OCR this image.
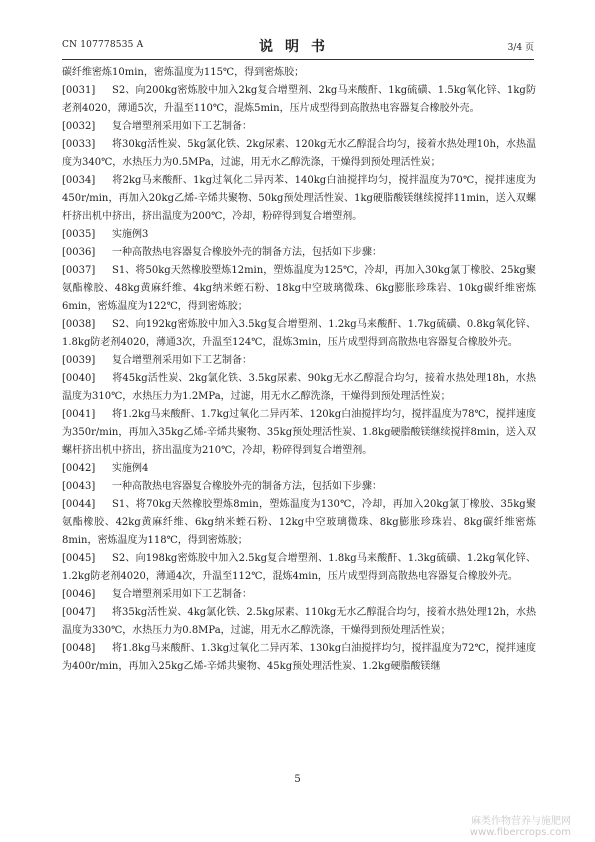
CN 107778535 A	说明书	3/4 页

碳纤维密炼10min，密炼温度为115℃，得到密炼胶；

[0031] S2、向200kg密炼胶中加入2kg复合增塑剂、2kg马来酸酐、1kg硫磺、1.5kg氧化锌、1kg防老剂4020，薄通5次，升温至110℃，混炼5min，压片成型得到高散热电容器复合橡胶外壳。

[0032] 复合增塑剂采用如下工艺制备：

[0033] 将30kg活性炭、5kg氯化铁、2kg尿素、120kg无水乙醇混合均匀，接着水热处理10h，水热温度为340℃，水热压力为0.5MPa，过滤，用无水乙醇洗涤，干燥得到预处理活性炭；

[0034] 将2kg马来酸酐、1kg过氧化二异丙苯、140kg白油搅拌均匀，搅拌温度为70℃，搅拌速度为450r/min，再加入20kg乙烯-辛烯共聚物、50kg预处理活性炭、1kg硬脂酸镁继续搅拌11min，送入双螺杆挤出机中挤出，挤出温度为200℃，冷却，粉碎得到复合增塑剂。

[0035] 实施例3

[0036] 一种高散热电容器复合橡胶外壳的制备方法，包括如下步骤：

[0037] S1、将50kg天然橡胶塑炼12min，塑炼温度为125℃，冷却，再加入30kg氯丁橡胶、25kg聚氨酯橡胶、48kg黄麻纤维、4kg纳米蛭石粉、18kg中空玻璃微珠、6kg膨胀珍珠岩、10kg碳纤维密炼6min，密炼温度为122℃，得到密炼胶；

[0038] S2、向192kg密炼胶中加入3.5kg复合增塑剂、1.2kg马来酸酐、1.7kg硫磺、0.8kg氧化锌、1.8kg防老剂4020，薄通3次，升温至124℃，混炼3min，压片成型得到高散热电容器复合橡胶外壳。

[0039] 复合增塑剂采用如下工艺制备：

[0040] 将45kg活性炭、2kg氯化铁、3.5kg尿素、90kg无水乙醇混合均匀，接着水热处理18h，水热温度为310℃，水热压力为1.2MPa，过滤，用无水乙醇洗涤，干燥得到预处理活性炭；

[0041] 将1.2kg马来酸酐、1.7kg过氧化二异丙苯、120kg白油搅拌均匀，搅拌温度为78℃，搅拌速度为350r/min，再加入35kg乙烯-辛烯共聚物、35kg预处理活性炭、1.8kg硬脂酸镁继续搅拌8min，送入双螺杆挤出机中挤出，挤出温度为210℃，冷却，粉碎得到复合增塑剂。

[0042] 实施例4

[0043] 一种高散热电容器复合橡胶外壳的制备方法，包括如下步骤：

[0044] S1、将70kg天然橡胶塑炼8min，塑炼温度为130℃，冷却，再加入20kg氯丁橡胶、35kg聚氨酯橡胶、42kg黄麻纤维、6kg纳米蛭石粉、12kg中空玻璃微珠、8kg膨胀珍珠岩、8kg碳纤维密炼8min，密炼温度为118℃，得到密炼胶；

[0045] S2、向198kg密炼胶中加入2.5kg复合增塑剂、1.8kg马来酸酐、1.3kg硫磺、1.2kg氧化锌、1.2kg防老剂4020，薄通4次，升温至112℃，混炼4min，压片成型得到高散热电容器复合橡胶外壳。

[0046] 复合增塑剂采用如下工艺制备：

[0047] 将35kg活性炭、4kg氯化铁、2.5kg尿素、110kg无水乙醇混合均匀，接着水热处理12h，水热温度为330℃，水热压力为0.8MPa，过滤，用无水乙醇洗涤，干燥得到预处理活性炭；

[0048] 将1.8kg马来酸酐、1.3kg过氧化二异丙苯、130kg白油搅拌均匀，搅拌温度为72℃，搅拌速度为400r/min，再加入25kg乙烯-辛烯共聚物、45kg预处理活性炭、1.2kg硬脂酸镁继

5
麻类作物营养与施肥网
www.fibercrops.com
